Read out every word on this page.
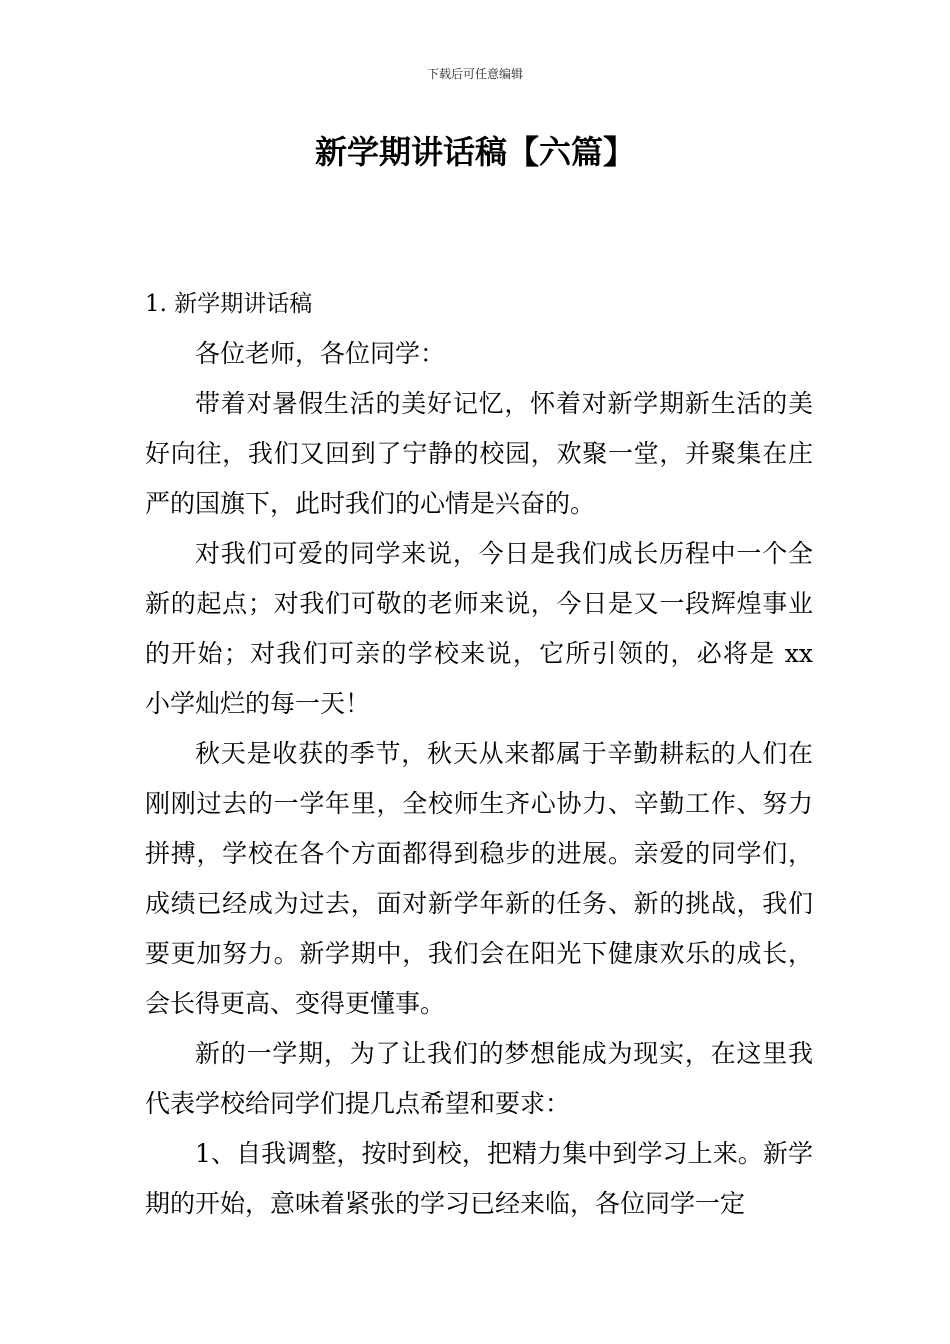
下载后可任意编辑
新学期讲话稿【六篇】

1. 新学期讲话稿

各位老师，各位同学：

带着对暑假生活的美好记忆，怀着对新学期新生活的美好向往，我们又回到了宁静的校园，欢聚一堂，并聚集在庄严的国旗下，此时我们的心情是兴奋的。

对我们可爱的同学来说，今日是我们成长历程中一个全新的起点；对我们可敬的老师来说，今日是又一段辉煌事业的开始；对我们可亲的学校来说，它所引领的，必将是 xx 小学灿烂的每一天！

秋天是收获的季节，秋天从来都属于辛勤耕耘的人们在刚刚过去的一学年里，全校师生齐心协力、辛勤工作、努力拼搏，学校在各个方面都得到稳步的进展。亲爱的同学们，成绩已经成为过去，面对新学年新的任务、新的挑战，我们要更加努力。新学期中，我们会在阳光下健康欢乐的成长，会长得更高、变得更懂事。

新的一学期，为了让我们的梦想能成为现实，在这里我代表学校给同学们提几点希望和要求：

1、自我调整，按时到校，把精力集中到学习上来。新学期的开始，意味着紧张的学习已经来临，各位同学一定
